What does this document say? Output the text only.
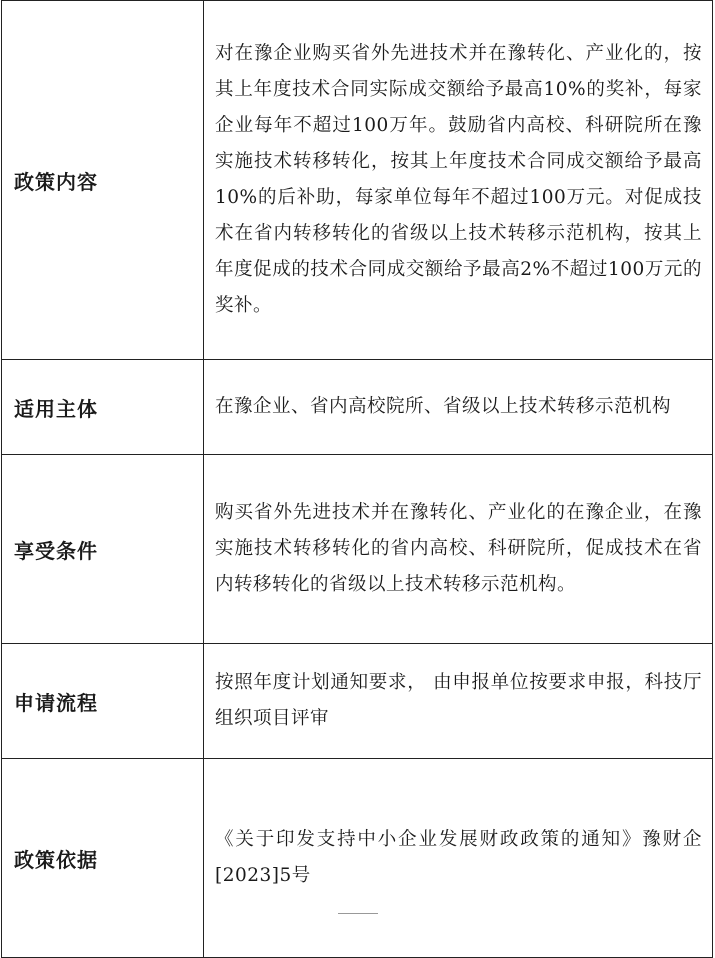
政策内容	对在豫企业购买省外先进技术并在豫转化、产业化的，按其上年度技术合同实际成交额给予最高10%的奖补，每家企业每年不超过100万年。鼓励省内高校、科研院所在豫实施技术转移转化，按其上年度技术合同成交额给予最高10%的后补助，每家单位每年不超过100万元。对促成技术在省内转移转化的省级以上技术转移示范机构，按其上年度促成的技术合同成交额给予最高2%不超过100万元的奖补。
适用主体	在豫企业、省内高校院所、省级以上技术转移示范机构
享受条件	购买省外先进技术并在豫转化、产业化的在豫企业，在豫实施技术转移转化的省内高校、科研院所，促成技术在省内转移转化的省级以上技术转移示范机构。
申请流程	按照年度计划通知要求， 由申报单位按要求申报，科技厅组织项目评审
政策依据	《关于印发支持中小企业发展财政政策的通知》豫财企[2023]5号
